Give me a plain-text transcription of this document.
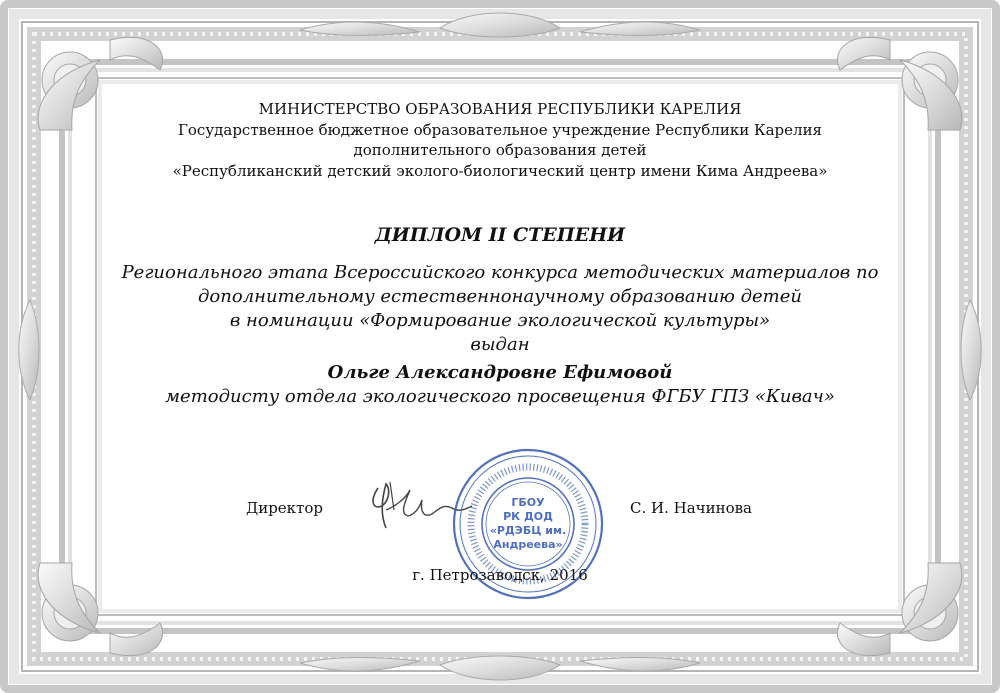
МИНИСТЕРСТВО ОБРАЗОВАНИЯ РЕСПУБЛИКИ КАРЕЛИЯ
Государственное бюджетное образовательное учреждение Республики Карелия
дополнительного образования детей
«Республиканский детский эколого-биологический центр имени Кима Андреева»
ДИПЛОМ II СТЕПЕНИ
Регионального этапа Всероссийского конкурса методических материалов по
дополнительному естественнонаучному образованию детей
в номинации «Формирование экологической культуры»
выдан
Ольге Александровне Ефимовой
методисту отдела экологического просвещения ФГБУ ГПЗ «Кивач»
Директор	С. И. Начинова
ГБОУ
РК ДОД
«РДЭБЦ им.
Андреева»
г. Петрозаводск, 2016
